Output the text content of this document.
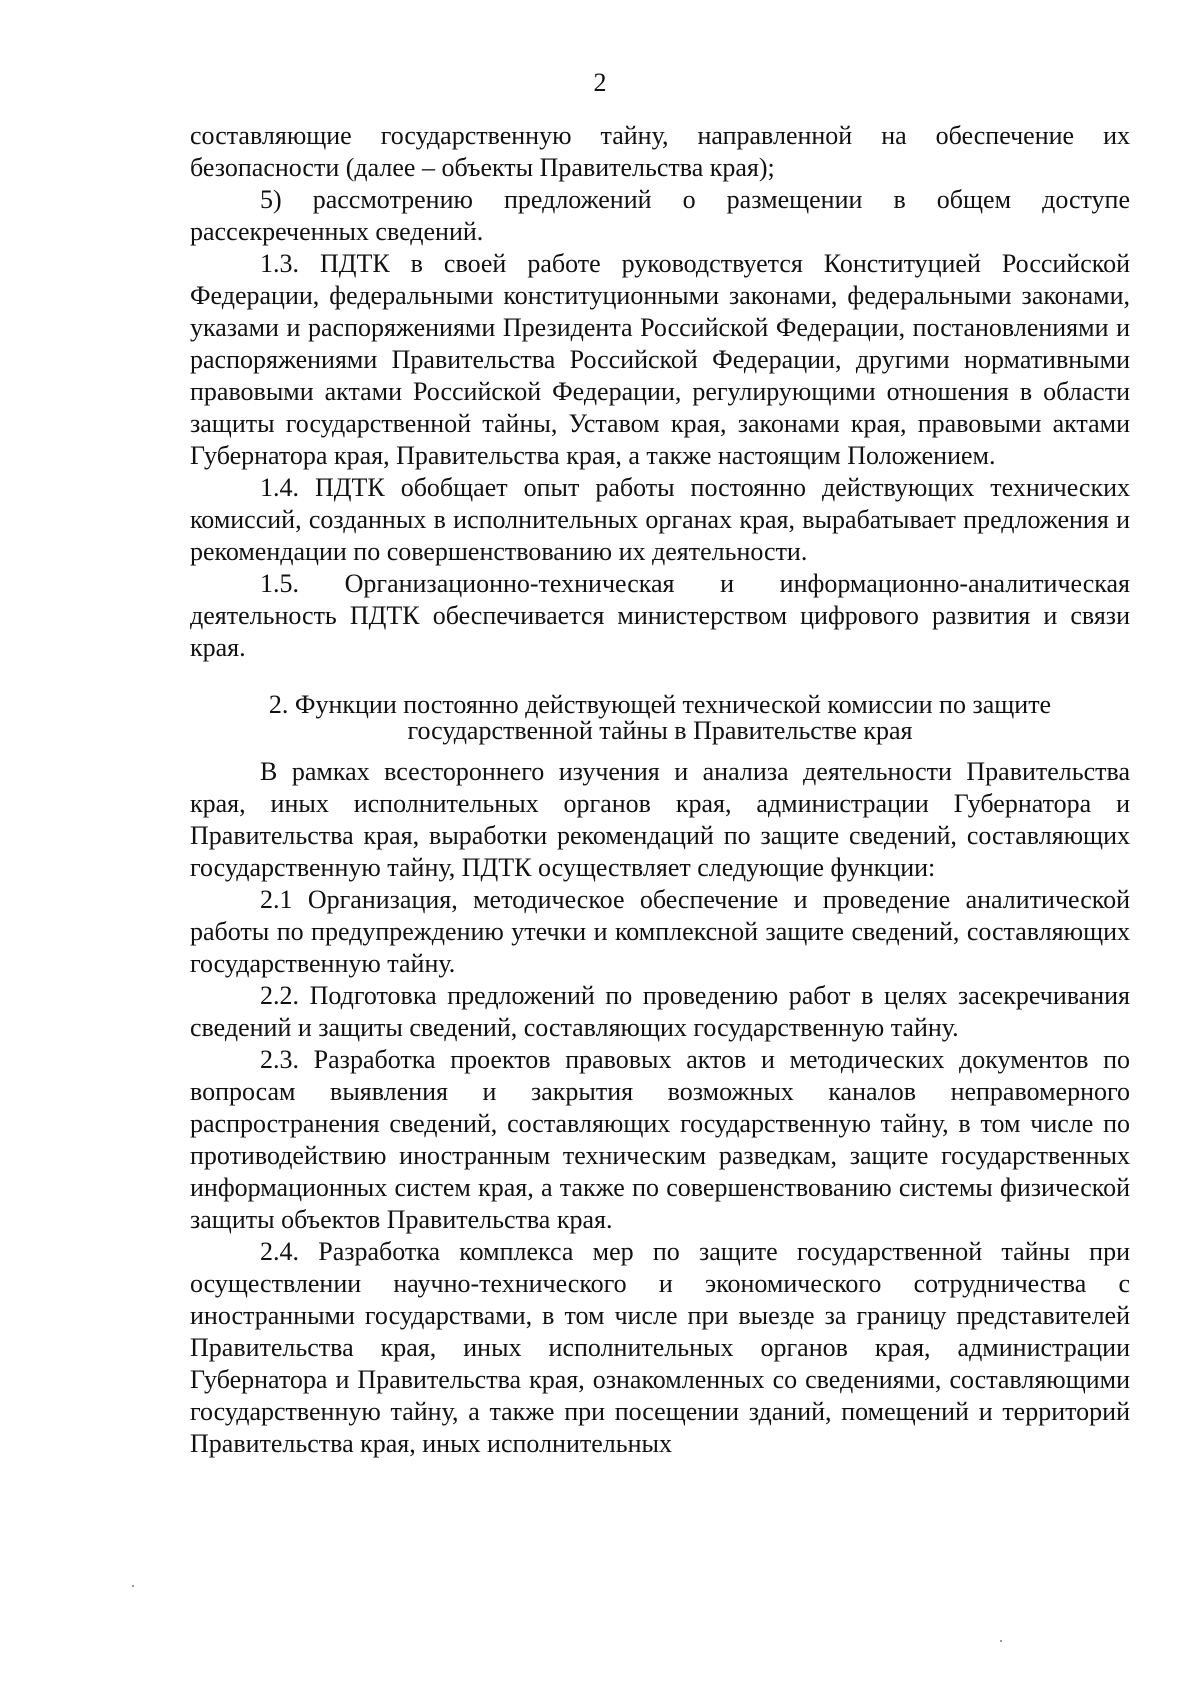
2

составляющие государственную тайну, направленной на обеспечение их безопасности (далее – объекты Правительства края);

5) рассмотрению предложений о размещении в общем доступе рассекреченных сведений.

1.3. ПДТК в своей работе руководствуется Конституцией Российской Федерации, федеральными конституционными законами, федеральными законами, указами и распоряжениями Президента Российской Федерации, постановлениями и распоряжениями Правительства Российской Федерации, другими нормативными правовыми актами Российской Федерации, регулирующими отношения в области защиты государственной тайны, Уставом края, законами края, правовыми актами Губернатора края, Правительства края, а также настоящим Положением.

1.4. ПДТК обобщает опыт работы постоянно действующих технических комиссий, созданных в исполнительных органах края, вырабатывает предложения и рекомендации по совершенствованию их деятельности.

1.5. Организационно-техническая и информационно-аналитическая деятельность ПДТК обеспечивается министерством цифрового развития и связи края.

2. Функции постоянно действующей технической комиссии по защите
государственной тайны в Правительстве края

В рамках всестороннего изучения и анализа деятельности Правительства края, иных исполнительных органов края, администрации Губернатора и Правительства края, выработки рекомендаций по защите сведений, составляющих государственную тайну, ПДТК осуществляет следующие функции:

2.1 Организация, методическое обеспечение и проведение аналитической работы по предупреждению утечки и комплексной защите сведений, составляющих государственную тайну.

2.2. Подготовка предложений по проведению работ в целях засекречивания сведений и защиты сведений, составляющих государственную тайну.

2.3. Разработка проектов правовых актов и методических документов по вопросам выявления и закрытия возможных каналов неправомерного распространения сведений, составляющих государственную тайну, в том числе по противодействию иностранным техническим разведкам, защите государственных информационных систем края, а также по совершенствованию системы физической защиты объектов Правительства края.

2.4. Разработка комплекса мер по защите государственной тайны при осуществлении научно-технического и экономического сотрудничества с иностранными государствами, в том числе при выезде за границу представителей Правительства края, иных исполнительных органов края, администрации Губернатора и Правительства края, ознакомленных со сведениями, составляющими государственную тайну, а также при посещении зданий, помещений и территорий Правительства края, иных исполнительных
